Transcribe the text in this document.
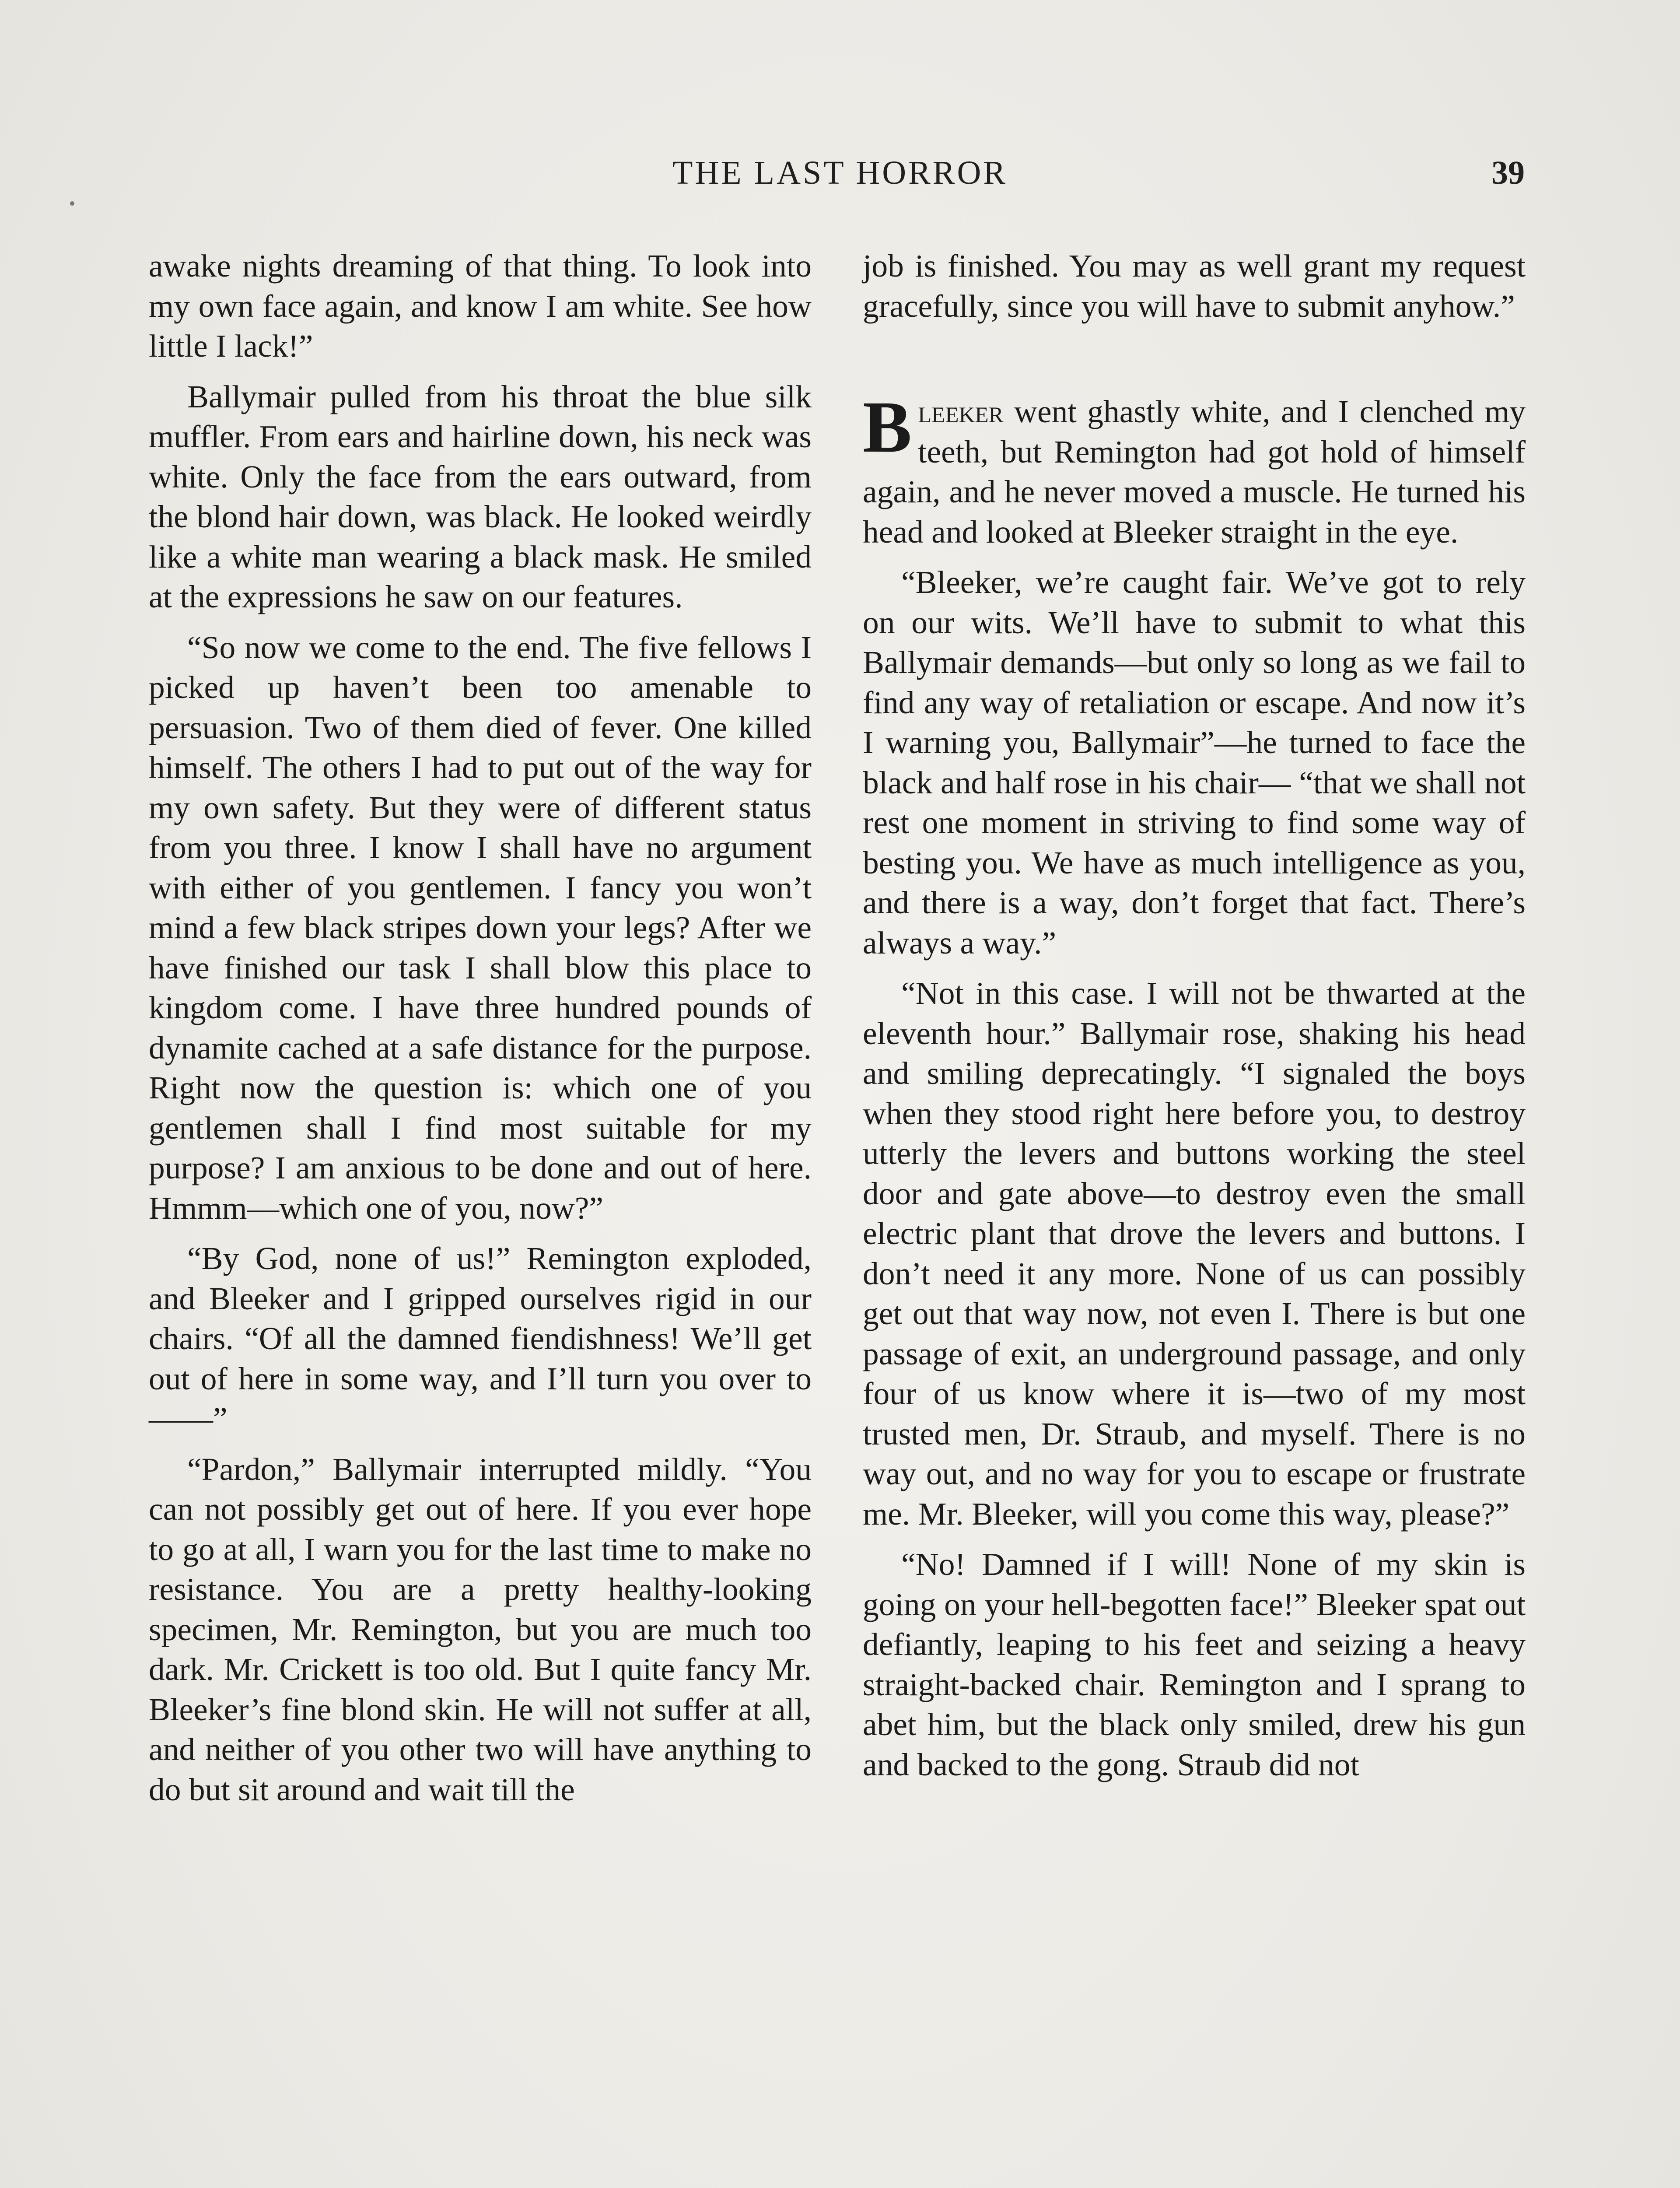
THE LAST HORROR	39

awake nights dreaming of that thing. To look into my own face again, and know I am white. See how little I lack!”

Ballymair pulled from his throat the blue silk muffler. From ears and hairline down, his neck was white. Only the face from the ears outward, from the blond hair down, was black. He looked weirdly like a white man wearing a black mask. He smiled at the expressions he saw on our features.

“So now we come to the end. The five fellows I picked up haven’t been too amenable to persuasion. Two of them died of fever. One killed himself. The others I had to put out of the way for my own safety. But they were of different status from you three. I know I shall have no argument with either of you gentlemen. I fancy you won’t mind a few black stripes down your legs? After we have finished our task I shall blow this place to kingdom come. I have three hundred pounds of dynamite cached at a safe distance for the purpose. Right now the question is: which one of you gentlemen shall I find most suitable for my purpose? I am anxious to be done and out of here. Hmmm—which one of you, now?”

“By God, none of us!” Remington exploded, and Bleeker and I gripped ourselves rigid in our chairs. “Of all the damned fiendishness! We’ll get out of here in some way, and I’ll turn you over to——”

“Pardon,” Ballymair interrupted mildly. “You can not possibly get out of here. If you ever hope to go at all, I warn you for the last time to make no resistance. You are a pretty healthy-looking specimen, Mr. Remington, but you are much too dark. Mr. Crickett is too old. But I quite fancy Mr. Bleeker’s fine blond skin. He will not suffer at all, and neither of you other two will have anything to do but sit around and wait till the

job is finished. You may as well grant my request gracefully, since you will have to submit anyhow.”

Bleeker went ghastly white, and I clenched my teeth, but Remington had got hold of himself again, and he never moved a muscle. He turned his head and looked at Bleeker straight in the eye.

“Bleeker, we’re caught fair. We’ve got to rely on our wits. We’ll have to submit to what this Ballymair demands—but only so long as we fail to find any way of retaliation or escape. And now it’s I warning you, Ballymair”—he turned to face the black and half rose in his chair— “that we shall not rest one moment in striving to find some way of besting you. We have as much intelligence as you, and there is a way, don’t forget that fact. There’s always a way.”

“Not in this case. I will not be thwarted at the eleventh hour.” Ballymair rose, shaking his head and smiling deprecatingly. “I signaled the boys when they stood right here before you, to destroy utterly the levers and buttons working the steel door and gate above—to destroy even the small electric plant that drove the levers and buttons. I don’t need it any more. None of us can possibly get out that way now, not even I. There is but one passage of exit, an underground passage, and only four of us know where it is—two of my most trusted men, Dr. Straub, and myself. There is no way out, and no way for you to escape or frustrate me. Mr. Bleeker, will you come this way, please?”

“No! Damned if I will! None of my skin is going on your hell-begotten face!” Bleeker spat out defiantly, leaping to his feet and seizing a heavy straight-backed chair. Remington and I sprang to abet him, but the black only smiled, drew his gun and backed to the gong. Straub did not
